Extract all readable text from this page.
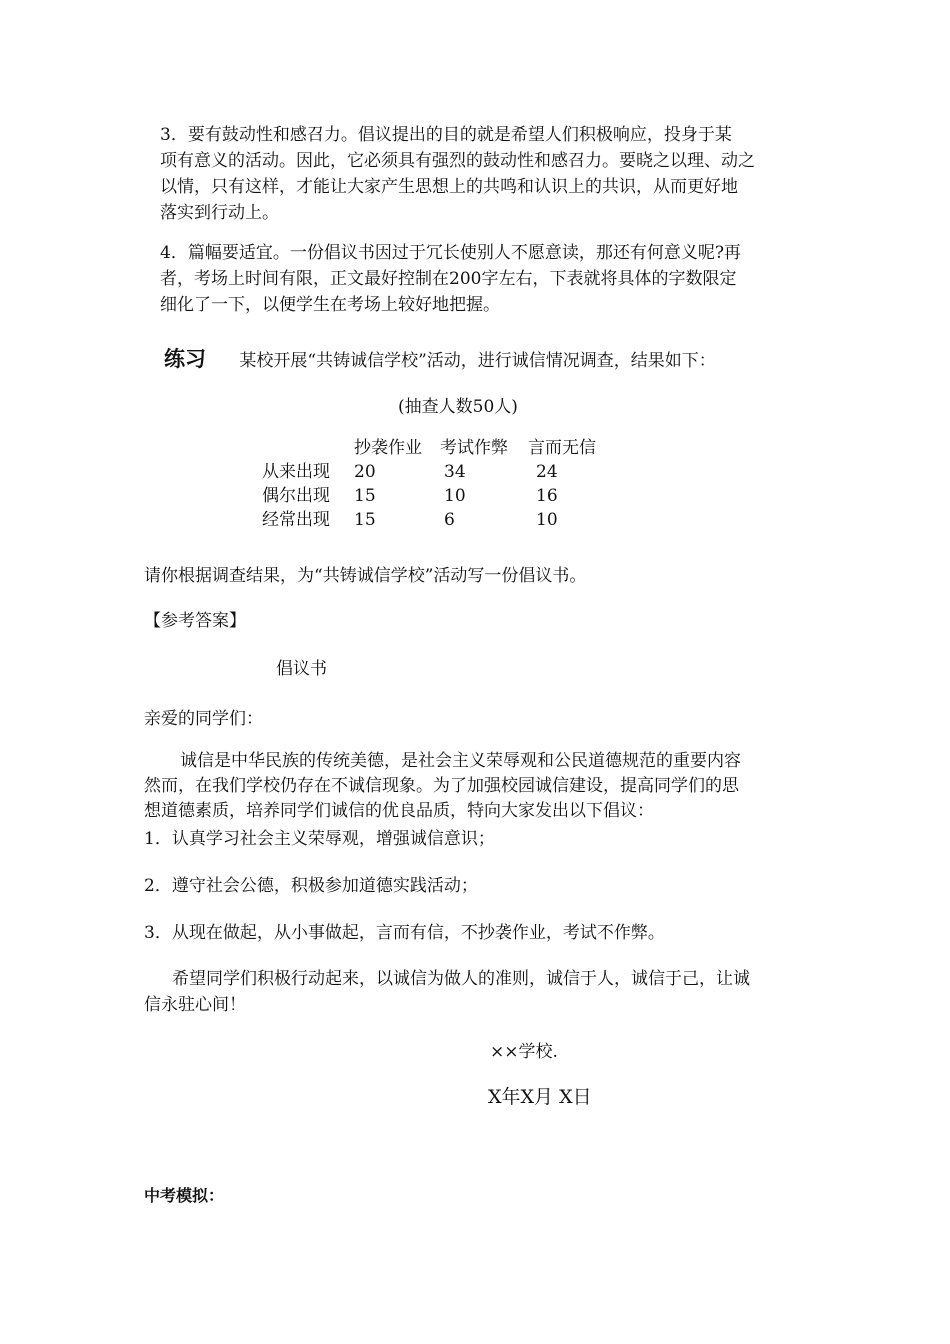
3．要有鼓动性和感召力。倡议提出的目的就是希望人们积极响应，投身于某
项有意义的活动。因此，它必须具有强烈的鼓动性和感召力。要晓之以理、动之
以情，只有这样，才能让大家产生思想上的共鸣和认识上的共识，从而更好地
落实到行动上。
4．篇幅要适宜。一份倡议书因过于冗长使别人不愿意读，那还有何意义呢?再
者，考场上时间有限，正文最好控制在200字左右，下表就将具体的字数限定
细化了一下，以便学生在考场上较好地把握。
练习 某校开展“共铸诚信学校”活动，进行诚信情况调查，结果如下：
(抽查人数50人)
	抄袭作业	考试作弊	言而无信
从来出现	20	34	24
偶尔出现	15	10	16
经常出现	15	6	10
请你根据调查结果，为“共铸诚信学校”活动写一份倡议书。
【参考答案】
倡议书
亲爱的同学们：
诚信是中华民族的传统美德，是社会主义荣辱观和公民道德规范的重要内容
然而，在我们学校仍存在不诚信现象。为了加强校园诚信建设，提高同学们的思
想道德素质，培养同学们诚信的优良品质，特向大家发出以下倡议：
1．认真学习社会主义荣辱观，增强诚信意识；
2．遵守社会公德，积极参加道德实践活动；
3．从现在做起，从小事做起，言而有信，不抄袭作业，考试不作弊。
希望同学们积极行动起来，以诚信为做人的准则，诚信于人，诚信于己，让诚
信永驻心间！
××学校.
X年X月 X日
中考模拟：
